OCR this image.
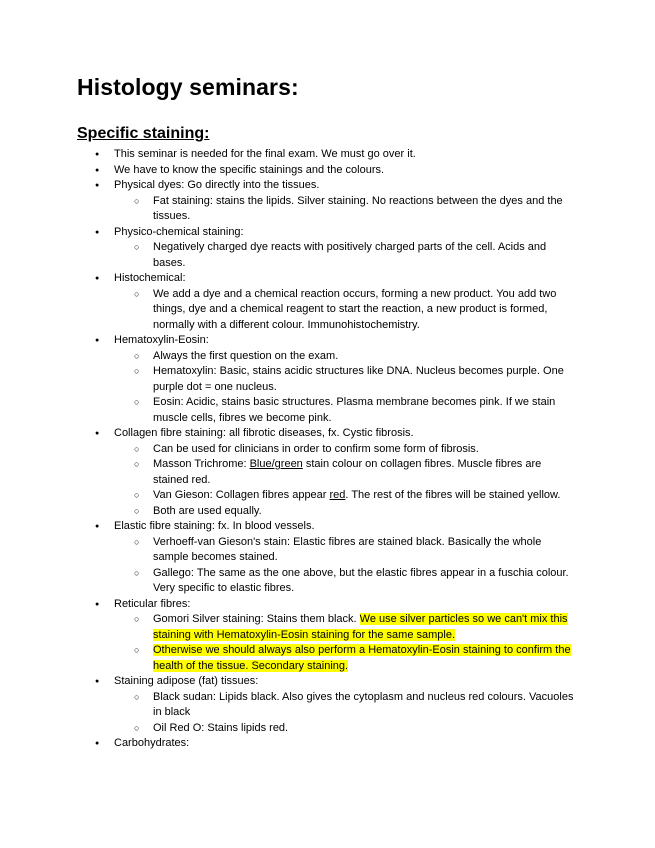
Histology seminars:
Specific staining:
● This seminar is needed for the final exam. We must go over it.
● We have to know the specific stainings and the colours.
● Physical dyes: Go directly into the tissues.
○ Fat staining: stains the lipids. Silver staining. No reactions between the dyes and the tissues.
● Physico-chemical staining:
○ Negatively charged dye reacts with positively charged parts of the cell. Acids and bases.
● Histochemical:
○ We add a dye and a chemical reaction occurs, forming a new product. You add two things, dye and a chemical reagent to start the reaction, a new product is formed, normally with a different colour. Immunohistochemistry.
● Hematoxylin-Eosin:
○ Always the first question on the exam.
○ Hematoxylin: Basic, stains acidic structures like DNA. Nucleus becomes purple. One purple dot = one nucleus.
○ Eosin: Acidic, stains basic structures. Plasma membrane becomes pink. If we stain muscle cells, fibres we become pink.
● Collagen fibre staining: all fibrotic diseases, fx. Cystic fibrosis.
○ Can be used for clinicians in order to confirm some form of fibrosis.
○ Masson Trichrome: Blue/green stain colour on collagen fibres. Muscle fibres are stained red.
○ Van Gieson: Collagen fibres appear red. The rest of the fibres will be stained yellow.
○ Both are used equally.
● Elastic fibre staining: fx. In blood vessels.
○ Verhoeff-van Gieson's stain: Elastic fibres are stained black. Basically the whole sample becomes stained.
○ Gallego: The same as the one above, but the elastic fibres appear in a fuschia colour. Very specific to elastic fibres.
● Reticular fibres:
○ Gomori Silver staining: Stains them black. We use silver particles so we can't mix this staining with Hematoxylin-Eosin staining for the same sample.
○ Otherwise we should always also perform a Hematoxylin-Eosin staining to confirm the health of the tissue. Secondary staining.
● Staining adipose (fat) tissues:
○ Black sudan: Lipids black. Also gives the cytoplasm and nucleus red colours. Vacuoles in black
○ Oil Red O: Stains lipids red.
● Carbohydrates:
